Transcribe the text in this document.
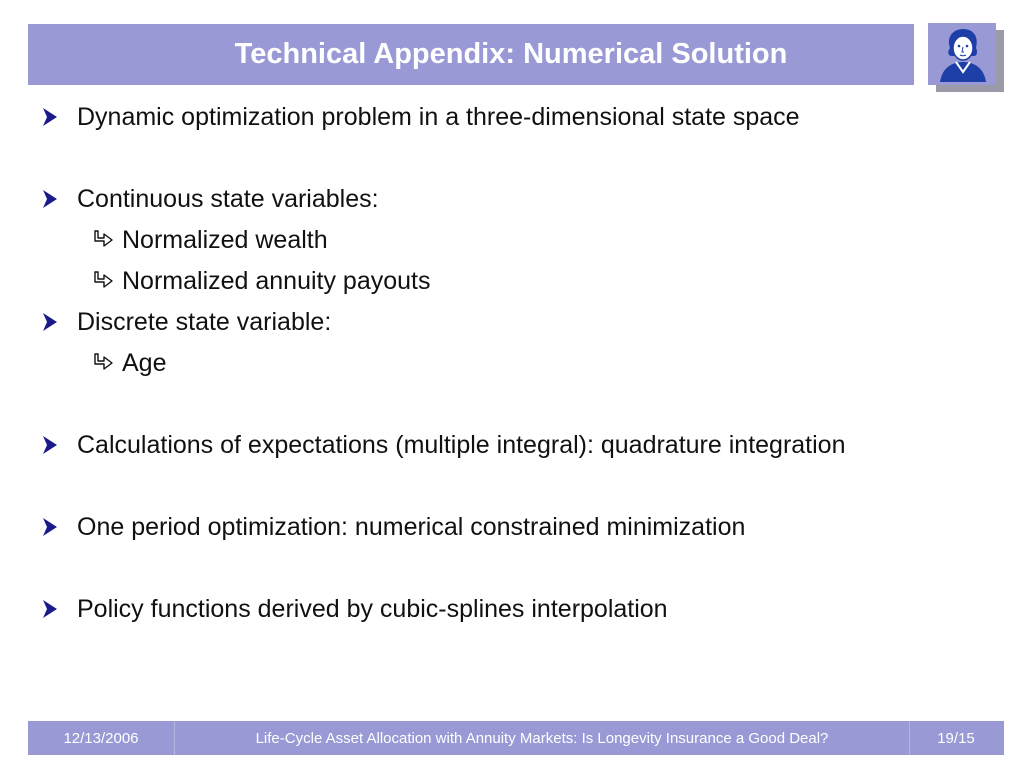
Technical Appendix: Numerical Solution
Dynamic optimization problem in a three-dimensional state space
Continuous state variables:
Normalized wealth
Normalized annuity payouts
Discrete state variable:
Age
Calculations of expectations (multiple integral): quadrature integration
One period optimization: numerical constrained minimization
Policy functions derived by cubic-splines interpolation
12/13/2006	Life-Cycle Asset Allocation with Annuity Markets: Is Longevity Insurance a Good Deal?	19/15
